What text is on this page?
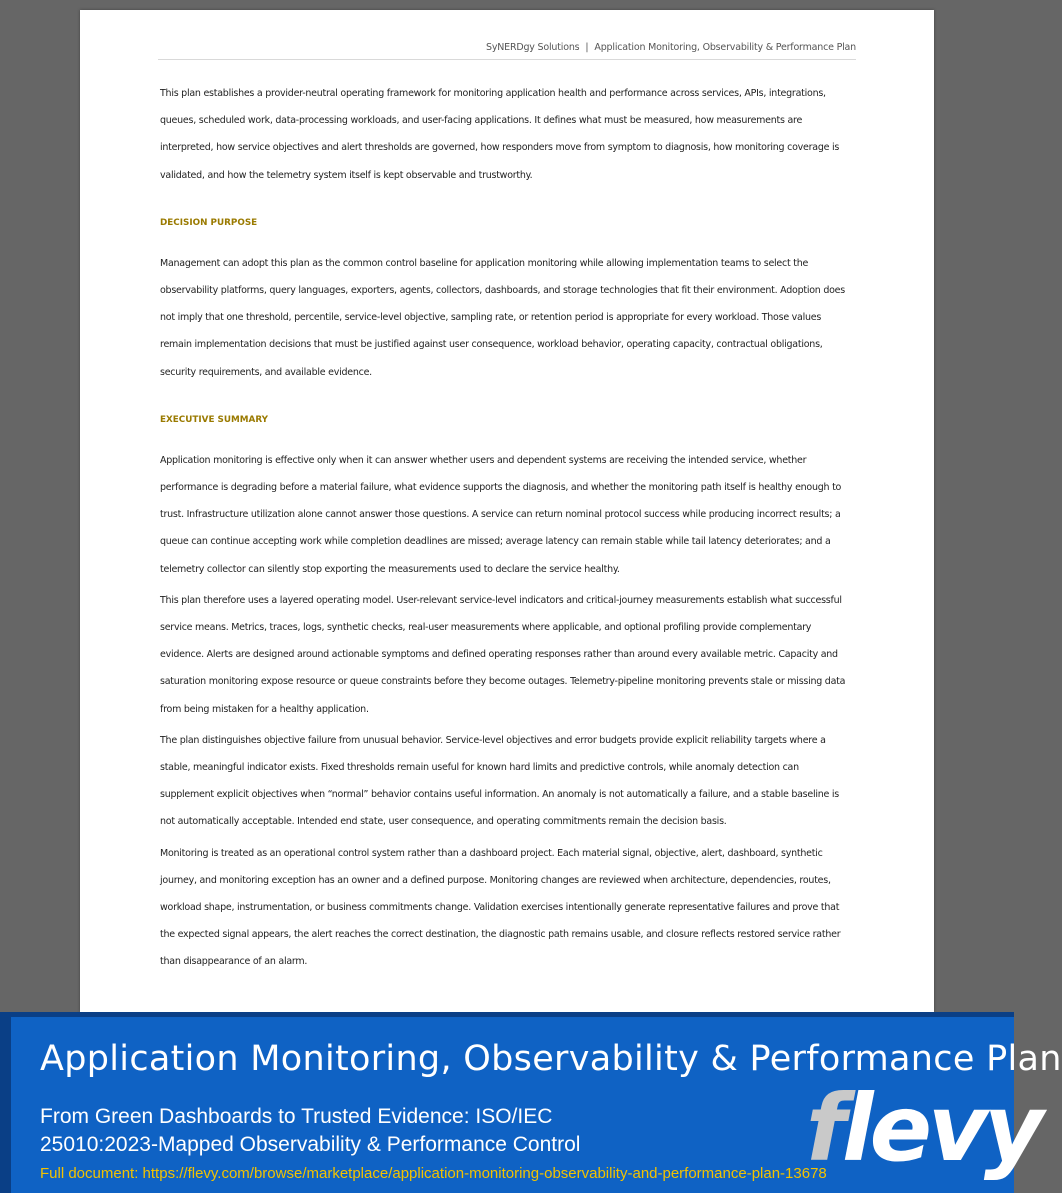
SyNERDgy Solutions | Application Monitoring, Observability & Performance Plan

This plan establishes a provider-neutral operating framework for monitoring application health and performance across services, APIs, integrations, queues, scheduled work, data-processing workloads, and user-facing applications. It defines what must be measured, how measurements are interpreted, how service objectives and alert thresholds are governed, how responders move from symptom to diagnosis, how monitoring coverage is validated, and how the telemetry system itself is kept observable and trustworthy.

DECISION PURPOSE

Management can adopt this plan as the common control baseline for application monitoring while allowing implementation teams to select the observability platforms, query languages, exporters, agents, collectors, dashboards, and storage technologies that fit their environment. Adoption does not imply that one threshold, percentile, service-level objective, sampling rate, or retention period is appropriate for every workload. Those values remain implementation decisions that must be justified against user consequence, workload behavior, operating capacity, contractual obligations, security requirements, and available evidence.

EXECUTIVE SUMMARY

Application monitoring is effective only when it can answer whether users and dependent systems are receiving the intended service, whether performance is degrading before a material failure, what evidence supports the diagnosis, and whether the monitoring path itself is healthy enough to trust. Infrastructure utilization alone cannot answer those questions. A service can return nominal protocol success while producing incorrect results; a queue can continue accepting work while completion deadlines are missed; average latency can remain stable while tail latency deteriorates; and a telemetry collector can silently stop exporting the measurements used to declare the service healthy.

This plan therefore uses a layered operating model. User-relevant service-level indicators and critical-journey measurements establish what successful service means. Metrics, traces, logs, synthetic checks, real-user measurements where applicable, and optional profiling provide complementary evidence. Alerts are designed around actionable symptoms and defined operating responses rather than around every available metric. Capacity and saturation monitoring expose resource or queue constraints before they become outages. Telemetry-pipeline monitoring prevents stale or missing data from being mistaken for a healthy application.

The plan distinguishes objective failure from unusual behavior. Service-level objectives and error budgets provide explicit reliability targets where a stable, meaningful indicator exists. Fixed thresholds remain useful for known hard limits and predictive controls, while anomaly detection can supplement explicit objectives when “normal” behavior contains useful information. An anomaly is not automatically a failure, and a stable baseline is not automatically acceptable. Intended end state, user consequence, and operating commitments remain the decision basis.

Monitoring is treated as an operational control system rather than a dashboard project. Each material signal, objective, alert, dashboard, synthetic journey, and monitoring exception has an owner and a defined purpose. Monitoring changes are reviewed when architecture, dependencies, routes, workload shape, instrumentation, or business commitments change. Validation exercises intentionally generate representative failures and prove that the expected signal appears, the alert reaches the correct destination, the diagnostic path remains usable, and closure reflects restored service rather than disappearance of an alarm.

Application Monitoring, Observability & Performance Plan
From Green Dashboards to Trusted Evidence: ISO/IEC 25010:2023-Mapped Observability & Performance Control
Full document: https://flevy.com/browse/marketplace/application-monitoring-observability-and-performance-plan-13678
flevy
